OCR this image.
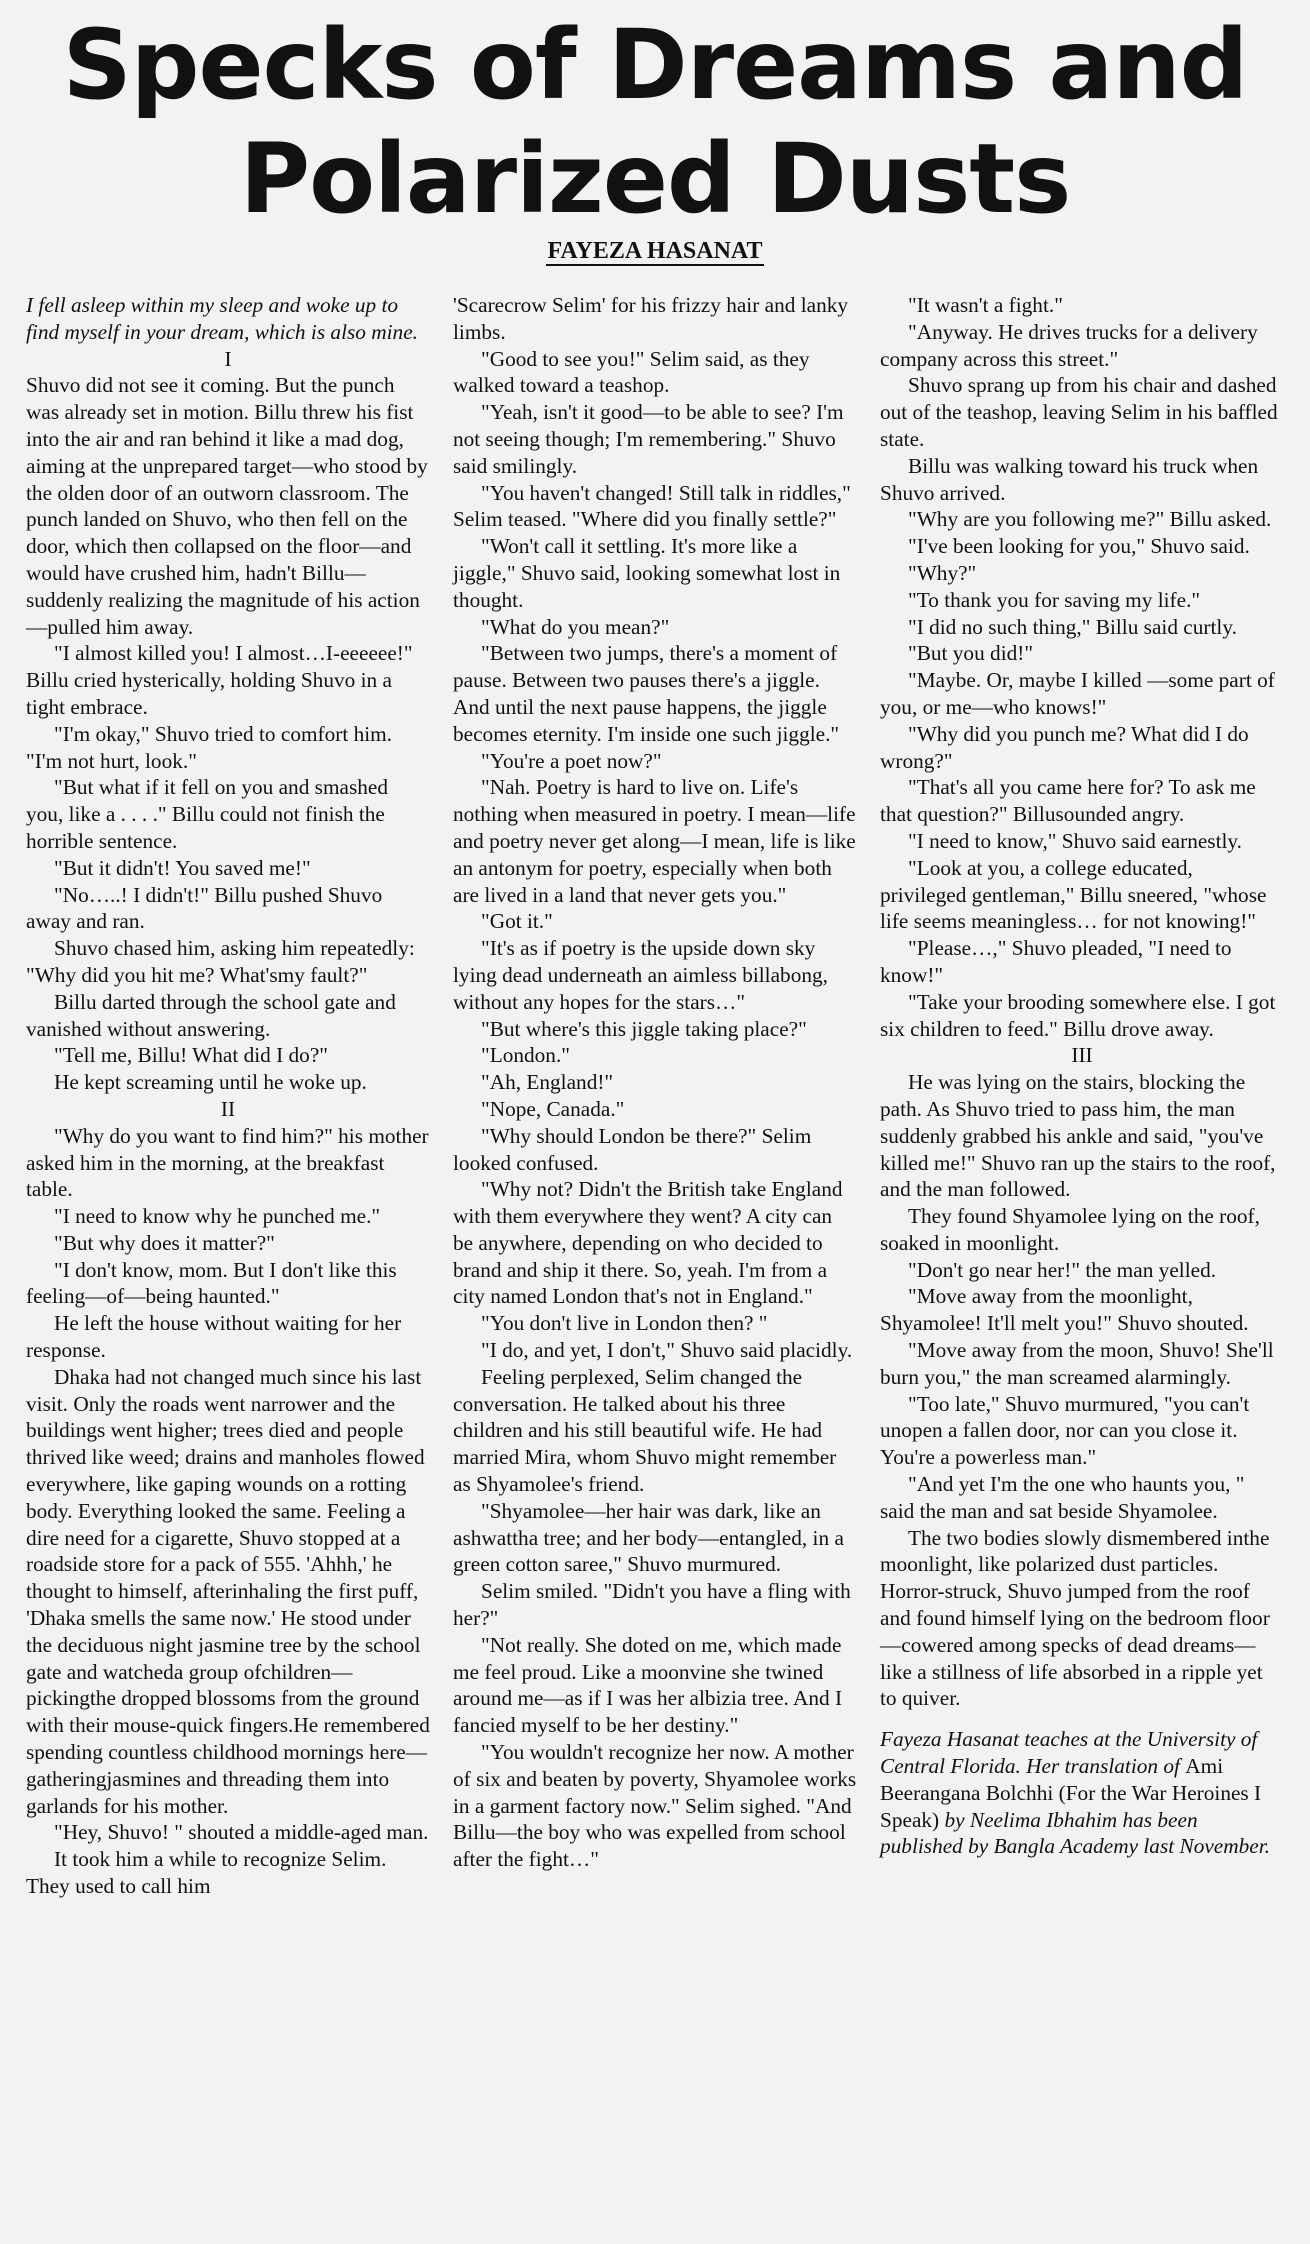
Specks of Dreams and
Polarized Dusts
FAYEZA HASANAT

I fell asleep within my sleep and woke up to find myself in your dream, which is also mine.

I

Shuvo did not see it coming. But the punch was already set in motion. Billu threw his fist into the air and ran behind it like a mad dog, aiming at the unprepared target—who stood by the olden door of an outworn classroom. The punch landed on Shuvo, who then fell on the door, which then collapsed on the floor—and would have crushed him, hadn't Billu—suddenly realizing the magnitude of his action—pulled him away.

"I almost killed you! I almost…I-eeeeee!" Billu cried hysterically, holding Shuvo in a tight embrace.

"I'm okay," Shuvo tried to comfort him. "I'm not hurt, look."

"But what if it fell on you and smashed you, like a . . . ." Billu could not finish the horrible sentence.

"But it didn't! You saved me!"

"No…..! I didn't!" Billu pushed Shuvo away and ran.

Shuvo chased him, asking him repeatedly: "Why did you hit me? What'smy fault?"

Billu darted through the school gate and vanished without answering.

"Tell me, Billu! What did I do?"

He kept screaming until he woke up.

II

"Why do you want to find him?" his mother asked him in the morning, at the breakfast table.

"I need to know why he punched me."

"But why does it matter?"

"I don't know, mom. But I don't like this feeling—of—being haunted."

He left the house without waiting for her response.

Dhaka had not changed much since his last visit. Only the roads went narrower and the buildings went higher; trees died and people thrived like weed; drains and manholes flowed everywhere, like gaping wounds on a rotting body. Everything looked the same. Feeling a dire need for a cigarette, Shuvo stopped at a roadside store for a pack of 555. 'Ahhh,' he thought to himself, afterinhaling the first puff, 'Dhaka smells the same now.' He stood under the deciduous night jasmine tree by the school gate and watcheda group ofchildren—pickingthe dropped blossoms from the ground with their mouse-quick fingers.He remembered spending countless childhood mornings here—gatheringjasmines and threading them into garlands for his mother.

"Hey, Shuvo! " shouted a middle-aged man.

It took him a while to recognize Selim. They used to call him

'Scarecrow Selim' for his frizzy hair and lanky limbs.

"Good to see you!" Selim said, as they walked toward a teashop.

"Yeah, isn't it good—to be able to see? I'm not seeing though; I'm remembering." Shuvo said smilingly.

"You haven't changed! Still talk in riddles," Selim teased. "Where did you finally settle?"

"Won't call it settling. It's more like a jiggle," Shuvo said, looking somewhat lost in thought.

"What do you mean?"

"Between two jumps, there's a moment of pause. Between two pauses there's a jiggle. And until the next pause happens, the jiggle becomes eternity. I'm inside one such jiggle."

"You're a poet now?"

"Nah. Poetry is hard to live on. Life's nothing when measured in poetry. I mean—life and poetry never get along—I mean, life is like an antonym for poetry, especially when both are lived in a land that never gets you."

"Got it."

"It's as if poetry is the upside down sky lying dead underneath an aimless billabong, without any hopes for the stars…"

"But where's this jiggle taking place?"

"London."

"Ah, England!"

"Nope, Canada."

"Why should London be there?" Selim looked confused.

"Why not? Didn't the British take England with them everywhere they went? A city can be anywhere, depending on who decided to brand and ship it there. So, yeah. I'm from a city named London that's not in England."

"You don't live in London then? "

"I do, and yet, I don't," Shuvo said placidly.

Feeling perplexed, Selim changed the conversation. He talked about his three children and his still beautiful wife. He had married Mira, whom Shuvo might remember as Shyamolee's friend.

"Shyamolee—her hair was dark, like an ashwattha tree; and her body—entangled, in a green cotton saree," Shuvo murmured.

Selim smiled. "Didn't you have a fling with her?"

"Not really. She doted on me, which made me feel proud. Like a moonvine she twined around me—as if I was her albizia tree. And I fancied myself to be her destiny."

"You wouldn't recognize her now. A mother of six and beaten by poverty, Shyamolee works in a garment factory now." Selim sighed. "And Billu—the boy who was expelled from school after the fight…"

"It wasn't a fight."

"Anyway. He drives trucks for a delivery company across this street."

Shuvo sprang up from his chair and dashed out of the teashop, leaving Selim in his baffled state.

Billu was walking toward his truck when Shuvo arrived.

"Why are you following me?" Billu asked.

"I've been looking for you," Shuvo said.

"Why?"

"To thank you for saving my life."

"I did no such thing," Billu said curtly.

"But you did!"

"Maybe. Or, maybe I killed —some part of you, or me—who knows!"

"Why did you punch me? What did I do wrong?"

"That's all you came here for? To ask me that question?" Billusounded angry.

"I need to know," Shuvo said earnestly.

"Look at you, a college educated, privileged gentleman," Billu sneered, "whose life seems meaningless… for not knowing!"

"Please…," Shuvo pleaded, "I need to know!"

"Take your brooding somewhere else. I got six children to feed." Billu drove away.

III

He was lying on the stairs, blocking the path. As Shuvo tried to pass him, the man suddenly grabbed his ankle and said, "you've killed me!" Shuvo ran up the stairs to the roof, and the man followed.

They found Shyamolee lying on the roof, soaked in moonlight.

"Don't go near her!" the man yelled.

"Move away from the moonlight, Shyamolee! It'll melt you!" Shuvo shouted.

"Move away from the moon, Shuvo! She'll burn you," the man screamed alarmingly.

"Too late," Shuvo murmured, "you can't unopen a fallen door, nor can you close it. You're a powerless man."

"And yet I'm the one who haunts you, " said the man and sat beside Shyamolee.

The two bodies slowly dismembered inthe moonlight, like polarized dust particles. Horror-struck, Shuvo jumped from the roof and found himself lying on the bedroom floor—cowered among specks of dead dreams—like a stillness of life absorbed in a ripple yet to quiver.

Fayeza Hasanat teaches at the University of Central Florida. Her translation of Ami Beerangana Bolchhi (For the War Heroines I Speak) by Neelima Ibhahim has been published by Bangla Academy last November.
